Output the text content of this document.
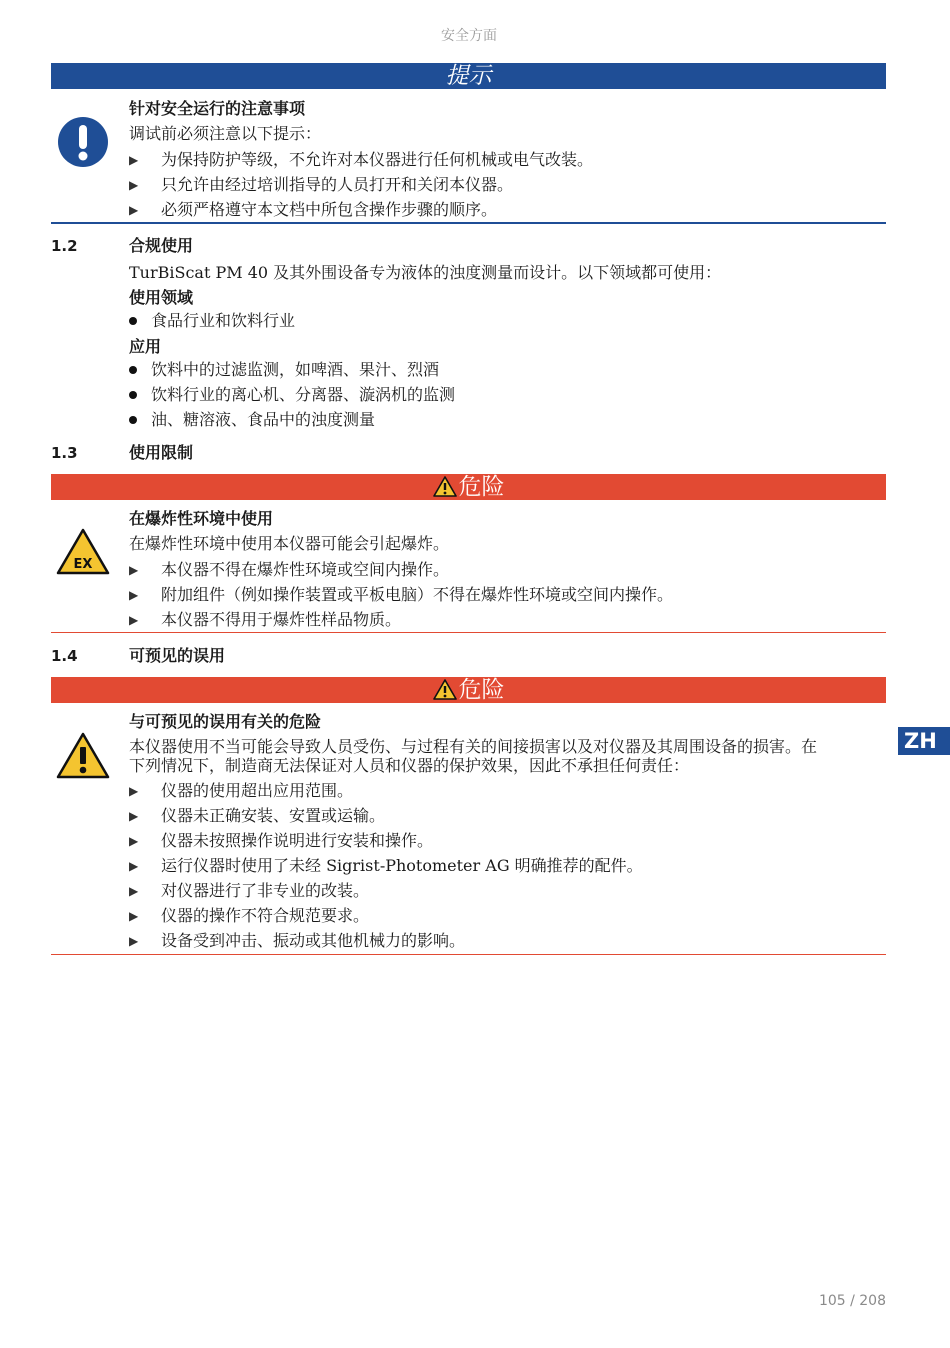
安全方面
提示
针对安全运行的注意事项
调试前必须注意以下提示：
▶ 为保持防护等级，不允许对本仪器进行任何机械或电气改装。
▶ 只允许由经过培训指导的人员打开和关闭本仪器。
▶ 必须严格遵守本文档中所包含操作步骤的顺序。
1.2	合规使用
TurBiScat PM 40 及其外围设备专为液体的浊度测量而设计。以下领域都可使用：
使用领域
食品行业和饮料行业
应用
饮料中的过滤监测，如啤酒、果汁、烈酒
饮料行业的离心机、分离器、漩涡机的监测
油、糖溶液、食品中的浊度测量
1.3	使用限制
危险
EX
在爆炸性环境中使用
在爆炸性环境中使用本仪器可能会引起爆炸。
▶ 本仪器不得在爆炸性环境或空间内操作。
▶ 附加组件（例如操作装置或平板电脑）不得在爆炸性环境或空间内操作。
▶ 本仪器不得用于爆炸性样品物质。
1.4	可预见的误用
危险
与可预见的误用有关的危险
本仪器使用不当可能会导致人员受伤、与过程有关的间接损害以及对仪器及其周围设备的损害。在
下列情况下，制造商无法保证对人员和仪器的保护效果，因此不承担任何责任：
▶ 仪器的使用超出应用范围。
▶ 仪器未正确安装、安置或运输。
▶ 仪器未按照操作说明进行安装和操作。
▶ 运行仪器时使用了未经 Sigrist-Photometer AG 明确推荐的配件。
▶ 对仪器进行了非专业的改装。
▶ 仪器的操作不符合规范要求。
▶ 设备受到冲击、振动或其他机械力的影响。
ZH
105 / 208
